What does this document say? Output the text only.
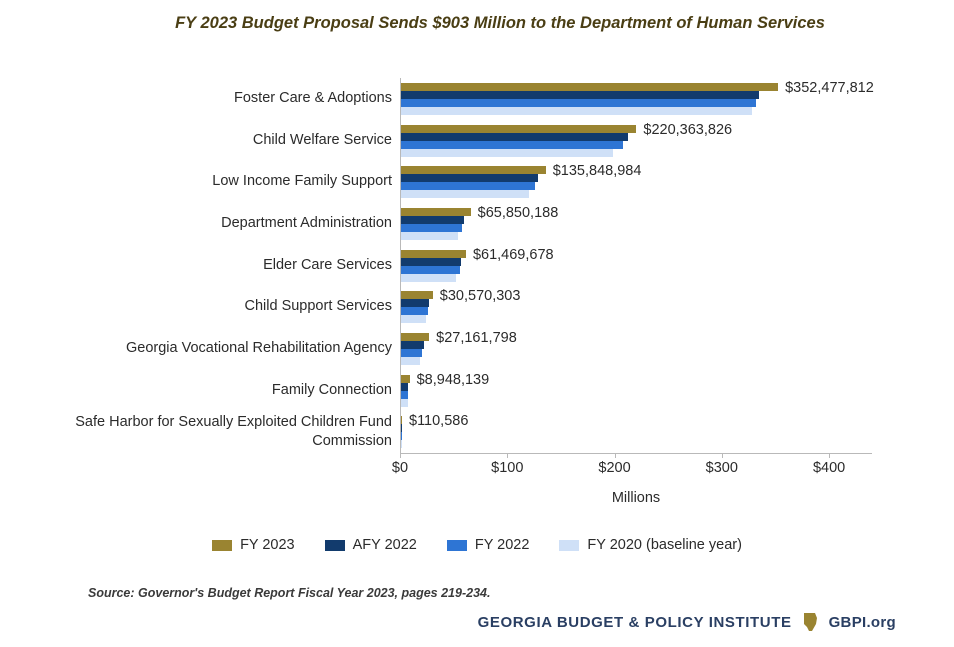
FY 2023 Budget Proposal Sends $903 Million to the Department of Human Services
Foster Care & Adoptions
Child Welfare Service
Low Income Family Support
Department Administration
Elder Care Services
Child Support Services
Georgia Vocational Rehabilitation Agency
Family Connection
Safe Harbor for Sexually Exploited Children Fund Commission
$352,477,812
$220,363,826
$135,848,984
$65,850,188
$61,469,678
$30,570,303
$27,161,798
$8,948,139
$110,586
$0	$100	$200	$300	$400
Millions
FY 2023	AFY 2022	FY 2022	FY 2020 (baseline year)
Source: Governor's Budget Report Fiscal Year 2023, pages 219-234.
GEORGIA BUDGET & POLICY INSTITUTE GBPI.org
